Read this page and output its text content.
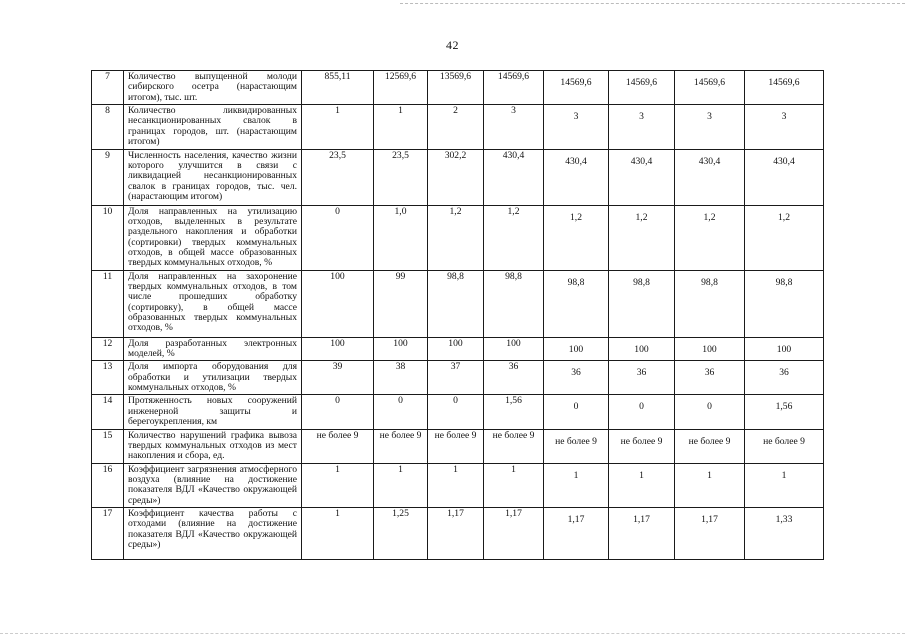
42
7	Количество выпущенной молоди сибирского осетра (нарастающим итогом), тыс. шт.	855,11	12569,6	13569,6	14569,6	14569,6	14569,6	14569,6	14569,6
8	Количество ликвидированных несанкционированных свалок в границах городов, шт. (нарастающим итогом)	1	1	2	3	3	3	3	3
9	Численность населения, качество жизни которого улучшится в связи с ликвидацией несанкционированных свалок в границах городов, тыс. чел. (нарастающим итогом)	23,5	23,5	302,2	430,4	430,4	430,4	430,4	430,4
10	Доля направленных на утилизацию отходов, выделенных в результате раздельного накопления и обработки (сортировки) твердых коммунальных отходов, в общей массе образованных твердых коммунальных отходов, %	0	1,0	1,2	1,2	1,2	1,2	1,2	1,2
11	Доля направленных на захоронение твердых коммунальных отходов, в том числе прошедших обработку (сортировку), в общей массе образованных твердых коммунальных отходов, %	100	99	98,8	98,8	98,8	98,8	98,8	98,8
12	Доля разработанных электронных моделей, %	100	100	100	100	100	100	100	100
13	Доля импорта оборудования для обработки и утилизации твердых коммунальных отходов, %	39	38	37	36	36	36	36	36
14	Протяженность новых сооружений инженерной защиты и берегоукрепления, км	0	0	0	1,56	0	0	0	1,56
15	Количество нарушений графика вывоза твердых коммунальных отходов из мест накопления и сбора, ед.	не более 9	не более 9	не более 9	не более 9	не более 9	не более 9	не более 9	не более 9
16	Коэффициент загрязнения атмосферного воздуха (влияние на достижение показателя ВДЛ «Качество окружающей среды»)	1	1	1	1	1	1	1	1
17	Коэффициент качества работы с отходами (влияние на достижение показателя ВДЛ «Качество окружающей среды»)	1	1,25	1,17	1,17	1,17	1,17	1,17	1,33
